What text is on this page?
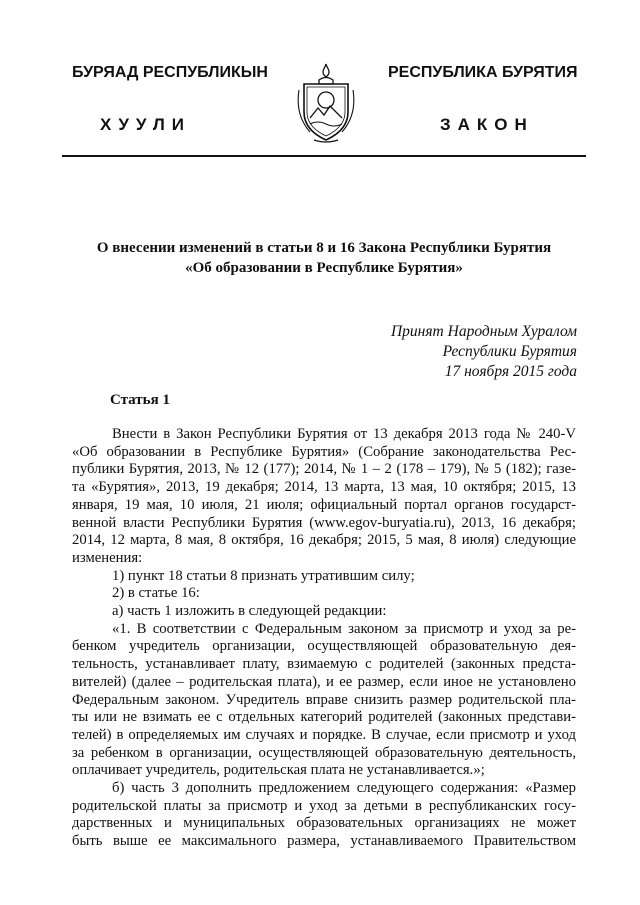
БУРЯАД РЕСПУБЛИКЫН	РЕСПУБЛИКА БУРЯТИЯ
ХУУЛИ	ЗАКОН
О внесении изменений в статьи 8 и 16 Закона Республики Бурятия
«Об образовании в Республике Бурятия»
Принят Народным Хуралом
Республики Бурятия
17 ноября 2015 года
Статья 1

Внести в Закон Республики Бурятия от 13 декабря 2013 года № 240-V

«Об образовании в Республике Бурятия» (Собрание законодательства Рес-

публики Бурятия, 2013, № 12 (177); 2014, № 1 – 2 (178 – 179), № 5 (182); газе-

та «Бурятия», 2013, 19 декабря; 2014, 13 марта, 13 мая, 10 октября; 2015, 13

января, 19 мая, 10 июля, 21 июля; официальный портал органов государст-

венной власти Республики Бурятия (www.egov-buryatia.ru), 2013, 16 декабря;

2014, 12 марта, 8 мая, 8 октября, 16 декабря; 2015, 5 мая, 8 июля) следующие

изменения:

1) пункт 18 статьи 8 признать утратившим силу;

2) в статье 16:

а) часть 1 изложить в следующей редакции:

«1. В соответствии с Федеральным законом за присмотр и уход за ре-

бенком учредитель организации, осуществляющей образовательную дея-

тельность, устанавливает плату, взимаемую с родителей (законных предста-

вителей) (далее – родительская плата), и ее размер, если иное не установлено

Федеральным законом. Учредитель вправе снизить размер родительской пла-

ты или не взимать ее с отдельных категорий родителей (законных представи-

телей) в определяемых им случаях и порядке. В случае, если присмотр и уход

за ребенком в организации, осуществляющей образовательную деятельность,

оплачивает учредитель, родительская плата не устанавливается.»;

б) часть 3 дополнить предложением следующего содержания: «Размер

родительской платы за присмотр и уход за детьми в республиканских госу-

дарственных и муниципальных образовательных организациях не может

быть выше ее максимального размера, устанавливаемого Правительством
